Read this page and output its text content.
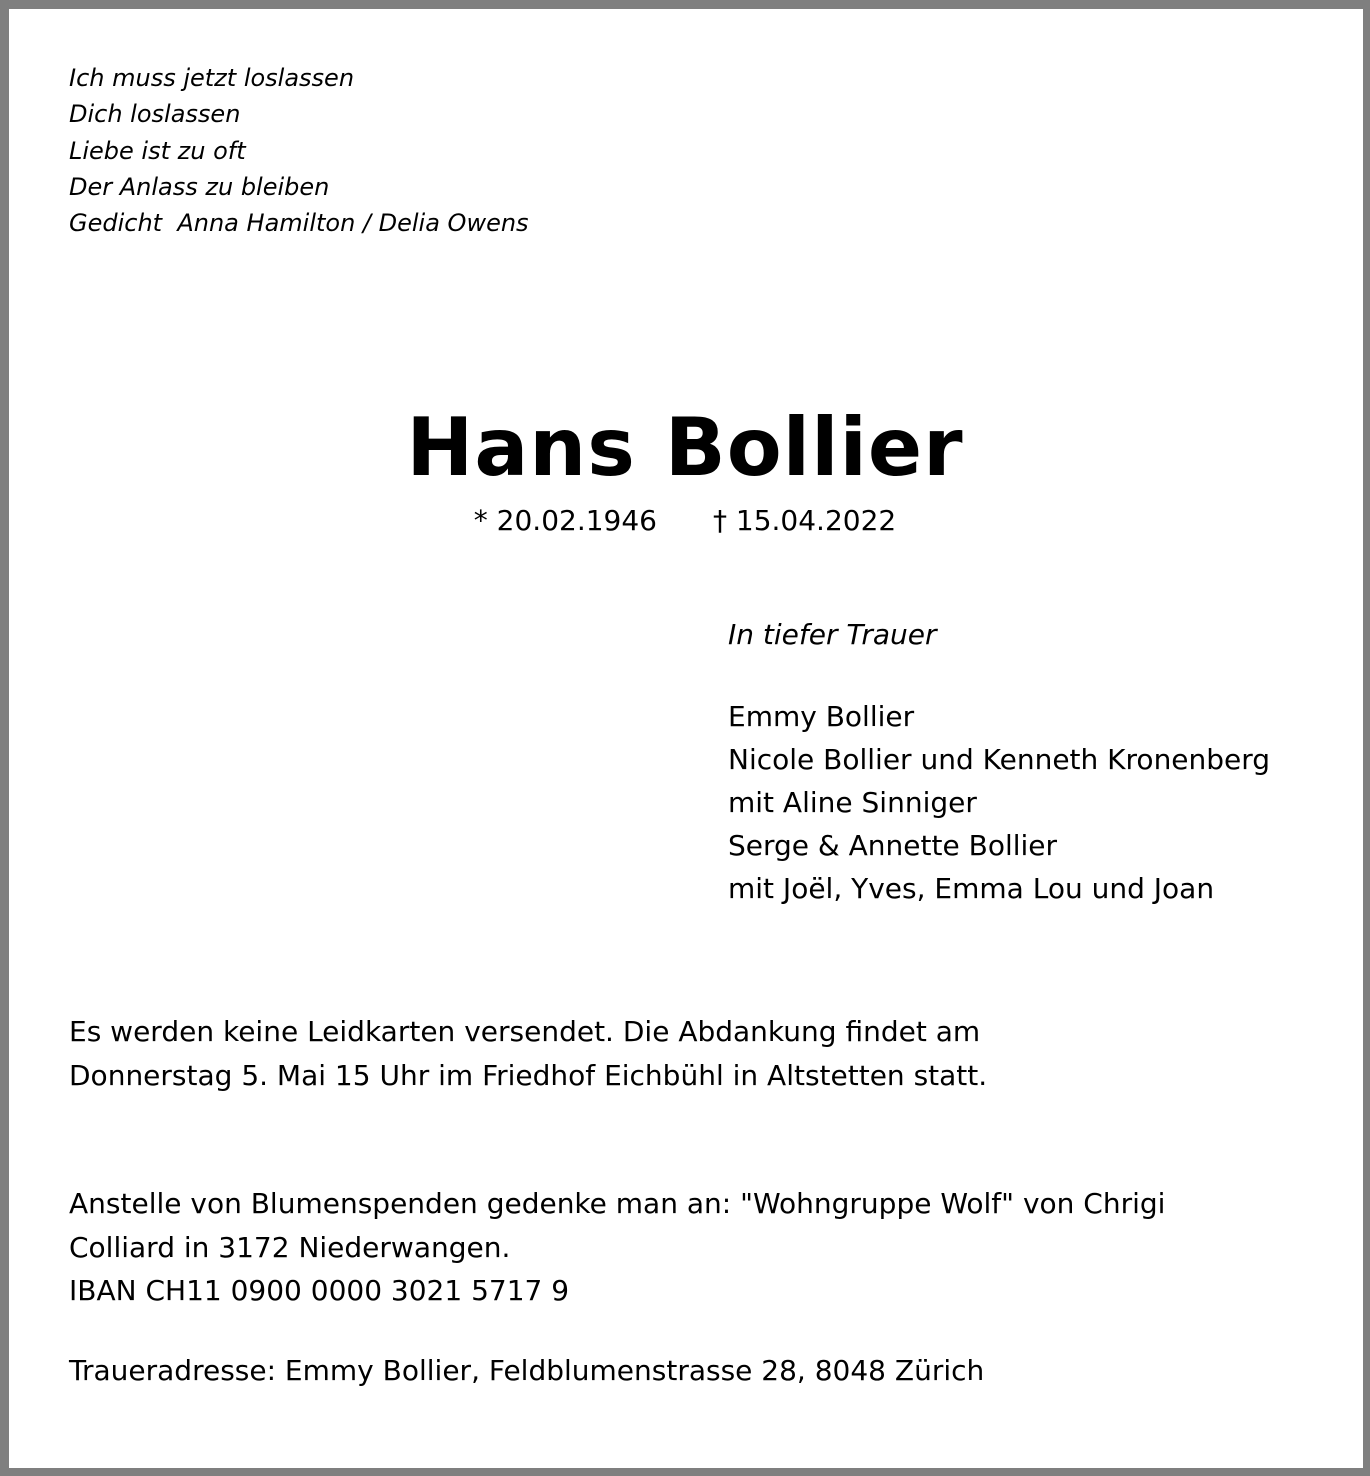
Ich muss jetzt loslassen
Dich loslassen
Liebe ist zu oft
Der Anlass zu bleiben
Gedicht  Anna Hamilton / Delia Owens
Hans Bollier
* 20.02.1946 † 15.04.2022
In tiefer Trauer
Emmy Bollier
Nicole Bollier und Kenneth Kronenberg
mit Aline Sinniger
Serge & Annette Bollier
mit Joël, Yves, Emma Lou und Joan
Es werden keine Leidkarten versendet. Die Abdankung findet am
Donnerstag 5. Mai 15 Uhr im Friedhof Eichbühl in Altstetten statt.
Anstelle von Blumenspenden gedenke man an: "Wohngruppe Wolf" von Chrigi
Colliard in 3172 Niederwangen.
IBAN CH11 0900 0000 3021 5717 9
Traueradresse: Emmy Bollier, Feldblumenstrasse 28, 8048 Zürich
